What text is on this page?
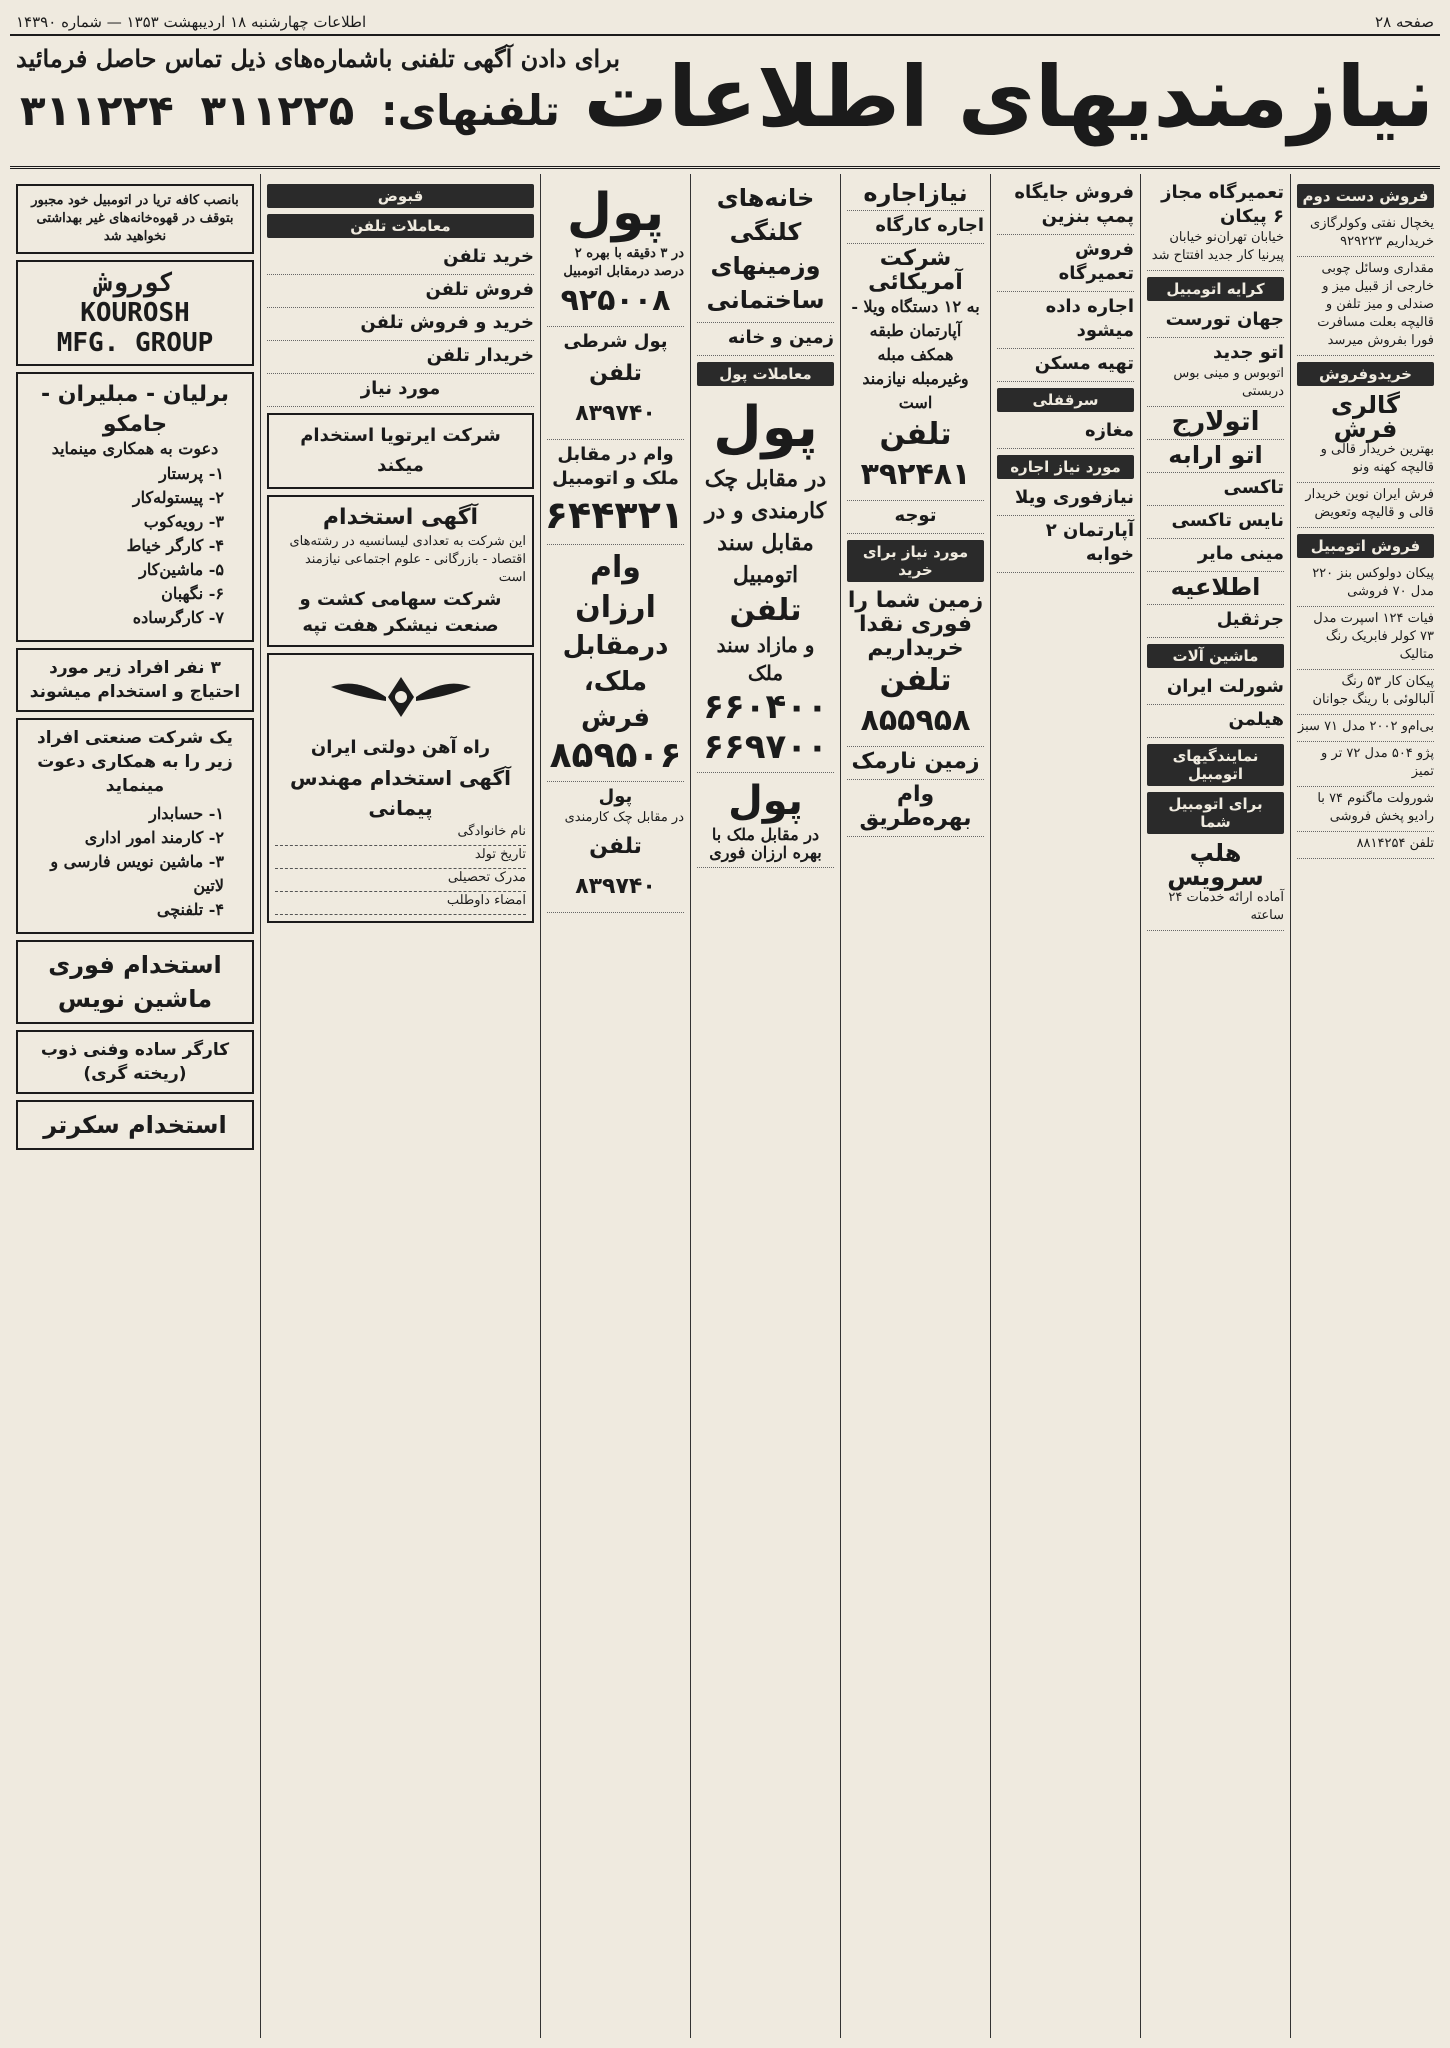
صفحه ۲۸
اطلاعات چهارشنبه ۱۸ اردیبهشت ۱۳۵۳ — شماره ۱۴۳۹۰
نیازمندیهای اطلاعات
برای دادن آگهی تلفنی باشماره‌های ذیل تماس حاصل فرمائید
تلفنهای: ۳۱۱۲۲۵ ۳۱۱۲۲۴
فروش دست دوم
یخچال نفتی وکولرگازی خریداریم ۹۲۹۲۲۳
مقداری وسائل چوبی خارجی از قبیل میز و صندلی و میز تلفن و قالیچه بعلت مسافرت فورا بفروش میرسد
خریدوفروش
گالری فرش
بهترین خریدار قالی و قالیچه کهنه ونو
فرش ایران نوین خریدار قالی و قالیچه وتعویض
فروش اتومبیل
پیکان دولوکس بنز ۲۲۰ مدل ۷۰ فروشی
فیات ۱۲۴ اسپرت مدل ۷۳ کولر فابریک رنگ متالیک
پیکان کار ۵۳ رنگ آلبالوئی با رینگ جوانان
بی‌ام‌و ۲۰۰۲ مدل ۷۱ سبز
پژو ۵۰۴ مدل ۷۲ تر و تمیز
شورولت ماگنوم ۷۴ با رادیو پخش فروشی
تلفن ۸۸۱۴۲۵۴
تعمیرگاه مجاز ۶ پیکان
خیابان تهران‌نو خیابان پیرنیا کار جدید افتتاح شد
کرایه اتومبیل
جهان تورست
اتو جدید
اتوبوس و مینی بوس دربستی
اتولارج
اتو ارابه
تاکسی
نایس تاکسی
مینی مایر
اطلاعیه
جرثقیل
ماشین آلات
شورلت ایران
هیلمن
نمایندگیهای اتومبیل
برای اتومبیل شما
هلپ سرویس
آماده ارائه خدمات ۲۴ ساعته
فروش جایگاه پمپ بنزین
فروش تعمیرگاه
اجاره داده میشود
تهیه مسکن
سرقفلی
مغازه
مورد نیاز اجاره
نیازفوری ویلا
آپارتمان ۲ خوابه
نیازاجاره
اجاره کارگاه
شرکت آمریکائی
به ۱۲ دستگاه ویلا - آپارتمان طبقه همکف مبله وغیرمبله نیازمند است
تلفن ۳۹۲۴۸۱
توجه
مورد نیاز برای خرید
زمین شما را فوری نقدا خریداریم
تلفن ۸۵۵۹۵۸
زمین نارمک
وام بهره‌طریق
خانه‌های کلنگی وزمینهای ساختمانی
زمین و خانه
معاملات پول
پول
در مقابل چک کارمندی و در مقابل سند اتومبیل
تلفن
و مازاد سند ملک
۶۶۰۴۰۰
۶۶۹۷۰۰
پول
در مقابل ملک با بهره ارزان فوری
پول
در ۳ دقیقه با بهره ۲ درصد درمقابل اتومبیل
۹۲۵۰۰۸
پول شرطی
تلفن ۸۳۹۷۴۰
وام در مقابل ملک و اتومبیل
۶۴۴۳۲۱
وام ارزان
درمقابل ملک، فرش
۸۵۹۵۰۶
پول
در مقابل چک کارمندی
تلفن ۸۳۹۷۴۰
قبوض
معاملات تلفن
خرید تلفن
فروش تلفن
خرید و فروش تلفن
خریدار تلفن
مورد نیاز
شرکت ایرتویا استخدام میکند
آگهی استخدام
این شرکت به تعدادی لیسانسیه در رشته‌های اقتصاد - بازرگانی - علوم اجتماعی نیازمند است
شرکت سهامی کشت و صنعت نیشکر هفت تپه
راه آهن دولتی ایران
آگهی استخدام مهندس پیمانی
نام خانوادگی
تاریخ تولد
مدرک تحصیلی
امضاء داوطلب
بانصب کافه تریا در اتومبیل خود مجبور بتوقف در قهوه‌خانه‌های غیر بهداشتی نخواهید شد
کوروش
KOUROSH
MFG. GROUP
برلیان - مبلیران - جامکو
دعوت به همکاری مینماید
۱- پرستار
۲- پیستوله‌کار
۳- رویه‌کوب
۴- کارگر خیاط
۵- ماشین‌کار
۶- نگهبان
۷- کارگرساده
۳ نفر افراد زیر مورد احتیاج و استخدام میشوند
یک شرکت صنعتی افراد زیر را به همکاری دعوت مینماید
۱- حسابدار
۲- کارمند امور اداری
۳- ماشین نویس فارسی و لاتین
۴- تلفنچی
استخدام فوری ماشین نویس
کارگر ساده وفنی ذوب (ریخته گری)
استخدام سکرتر
